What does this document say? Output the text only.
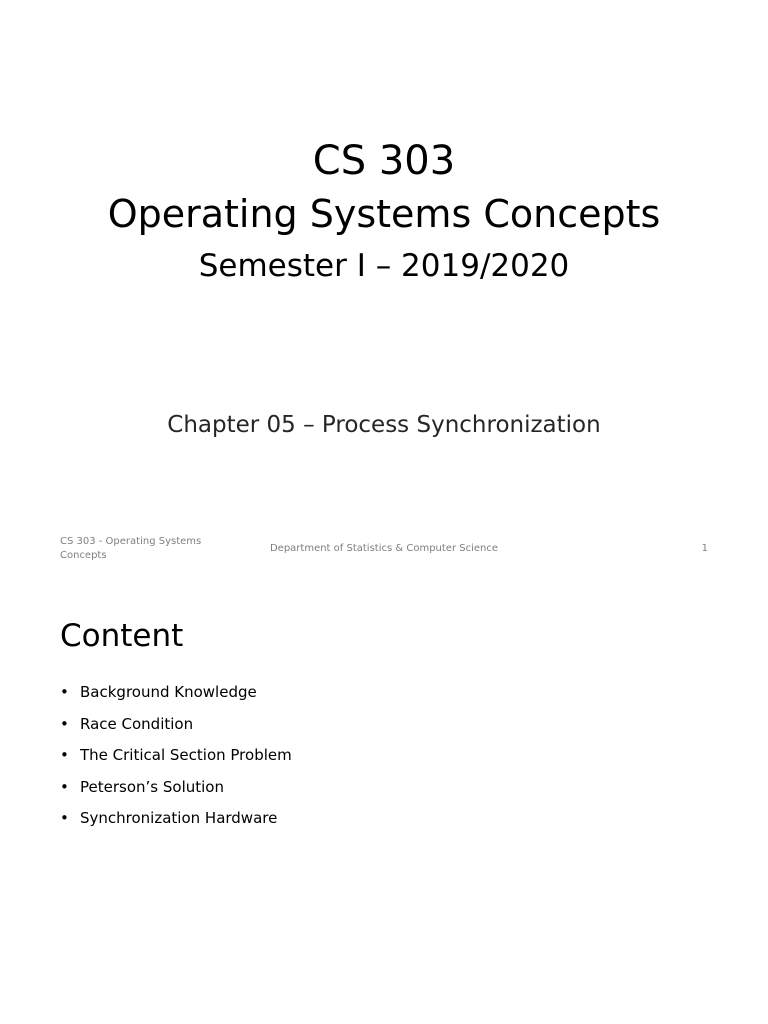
CS 303
Operating Systems Concepts
Semester I – 2019/2020
Chapter 05 – Process Synchronization
CS 303 - Operating Systems Concepts
Department of Statistics & Computer Science	1
Content
• Background Knowledge
• Race Condition
• The Critical Section Problem
• Peterson’s Solution
• Synchronization Hardware
